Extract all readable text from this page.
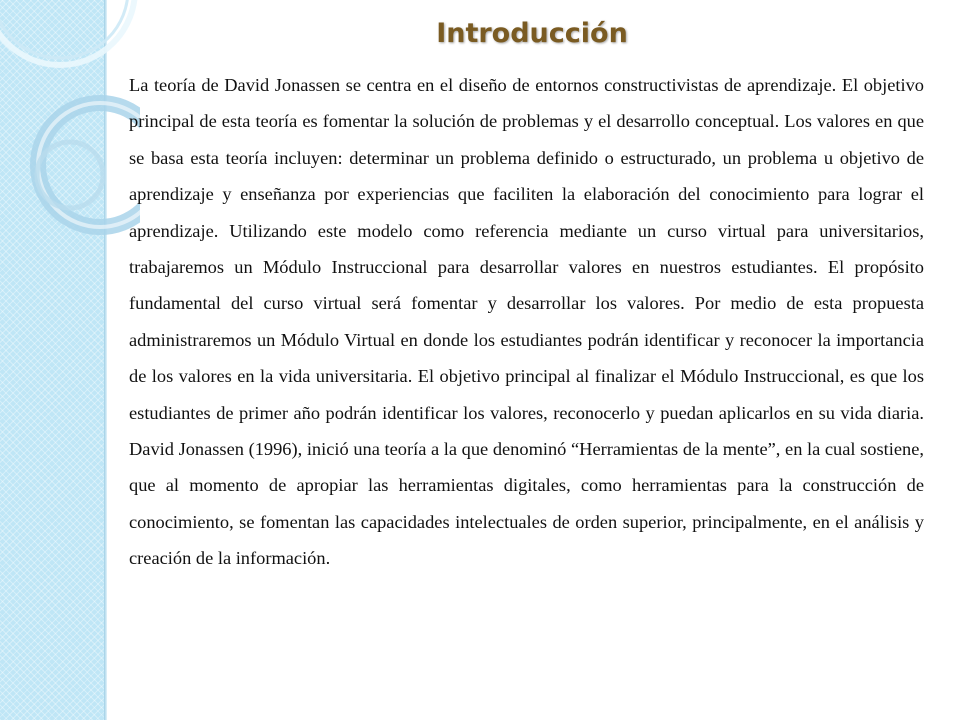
Introducción

La teoría de David Jonassen se centra en el diseño de entornos constructivistas de aprendizaje. El objetivo principal de esta teoría es fomentar la solución de problemas y el desarrollo conceptual. Los valores en que se basa esta teoría incluyen: determinar un problema definido o estructurado, un problema u objetivo de aprendizaje y enseñanza por experiencias que faciliten la elaboración del conocimiento para lograr el aprendizaje. Utilizando este modelo como referencia mediante un curso virtual para universitarios, trabajaremos un Módulo Instruccional para desarrollar valores en nuestros estudiantes. El propósito fundamental del curso virtual será fomentar y desarrollar los valores. Por medio de esta propuesta administraremos un Módulo Virtual en donde los estudiantes podrán identificar y reconocer la importancia de los valores en la vida universitaria. El objetivo principal al finalizar el Módulo Instruccional, es que los estudiantes de primer año podrán identificar los valores, reconocerlo y puedan aplicarlos en su vida diaria. David Jonassen (1996), inició una teoría a la que denominó “Herramientas de la mente”, en la cual sostiene, que al momento de apropiar las herramientas digitales, como herramientas para la construcción de conocimiento, se fomentan las capacidades intelectuales de orden superior, principalmente, en el análisis y creación de la información.
